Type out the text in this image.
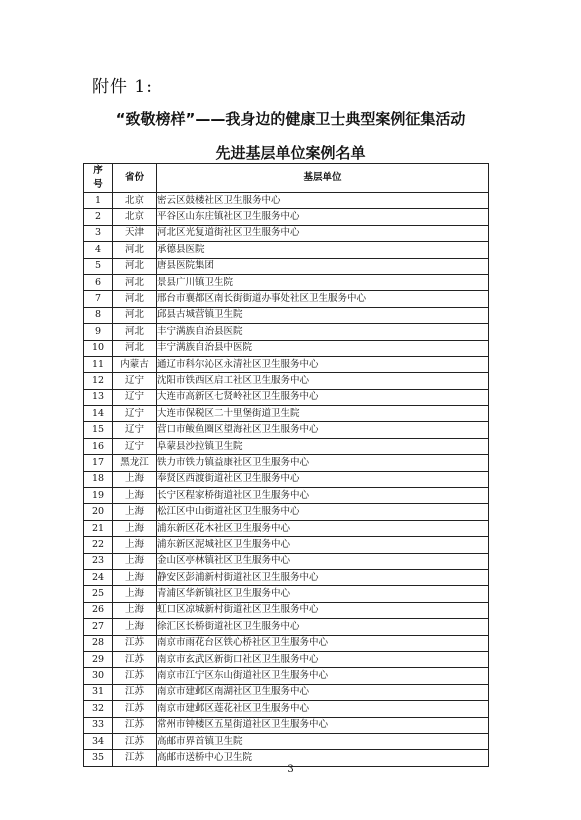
附件 1:
“致敬榜样”——我身边的健康卫士典型案例征集活动
先进基层单位案例名单
序
号	省份	基层单位
1	北京	密云区鼓楼社区卫生服务中心
2	北京	平谷区山东庄镇社区卫生服务中心
3	天津	河北区光复道街社区卫生服务中心
4	河北	承德县医院
5	河北	唐县医院集团
6	河北	景县广川镇卫生院
7	河北	邢台市襄都区南长街街道办事处社区卫生服务中心
8	河北	邱县古城营镇卫生院
9	河北	丰宁满族自治县医院
10	河北	丰宁满族自治县中医院
11	内蒙古	通辽市科尔沁区永清社区卫生服务中心
12	辽宁	沈阳市铁西区启工社区卫生服务中心
13	辽宁	大连市高新区七贤岭社区卫生服务中心
14	辽宁	大连市保税区二十里堡街道卫生院
15	辽宁	营口市鲅鱼圈区望海社区卫生服务中心
16	辽宁	阜蒙县沙拉镇卫生院
17	黑龙江	铁力市铁力镇益康社区卫生服务中心
18	上海	奉贤区西渡街道社区卫生服务中心
19	上海	长宁区程家桥街道社区卫生服务中心
20	上海	松江区中山街道社区卫生服务中心
21	上海	浦东新区花木社区卫生服务中心
22	上海	浦东新区泥城社区卫生服务中心
23	上海	金山区亭林镇社区卫生服务中心
24	上海	静安区彭浦新村街道社区卫生服务中心
25	上海	青浦区华新镇社区卫生服务中心
26	上海	虹口区凉城新村街道社区卫生服务中心
27	上海	徐汇区长桥街道社区卫生服务中心
28	江苏	南京市雨花台区铁心桥社区卫生服务中心
29	江苏	南京市玄武区新街口社区卫生服务中心
30	江苏	南京市江宁区东山街道社区卫生服务中心
31	江苏	南京市建邺区南湖社区卫生服务中心
32	江苏	南京市建邺区莲花社区卫生服务中心
33	江苏	常州市钟楼区五星街道社区卫生服务中心
34	江苏	高邮市界首镇卫生院
35	江苏	高邮市送桥中心卫生院
3
